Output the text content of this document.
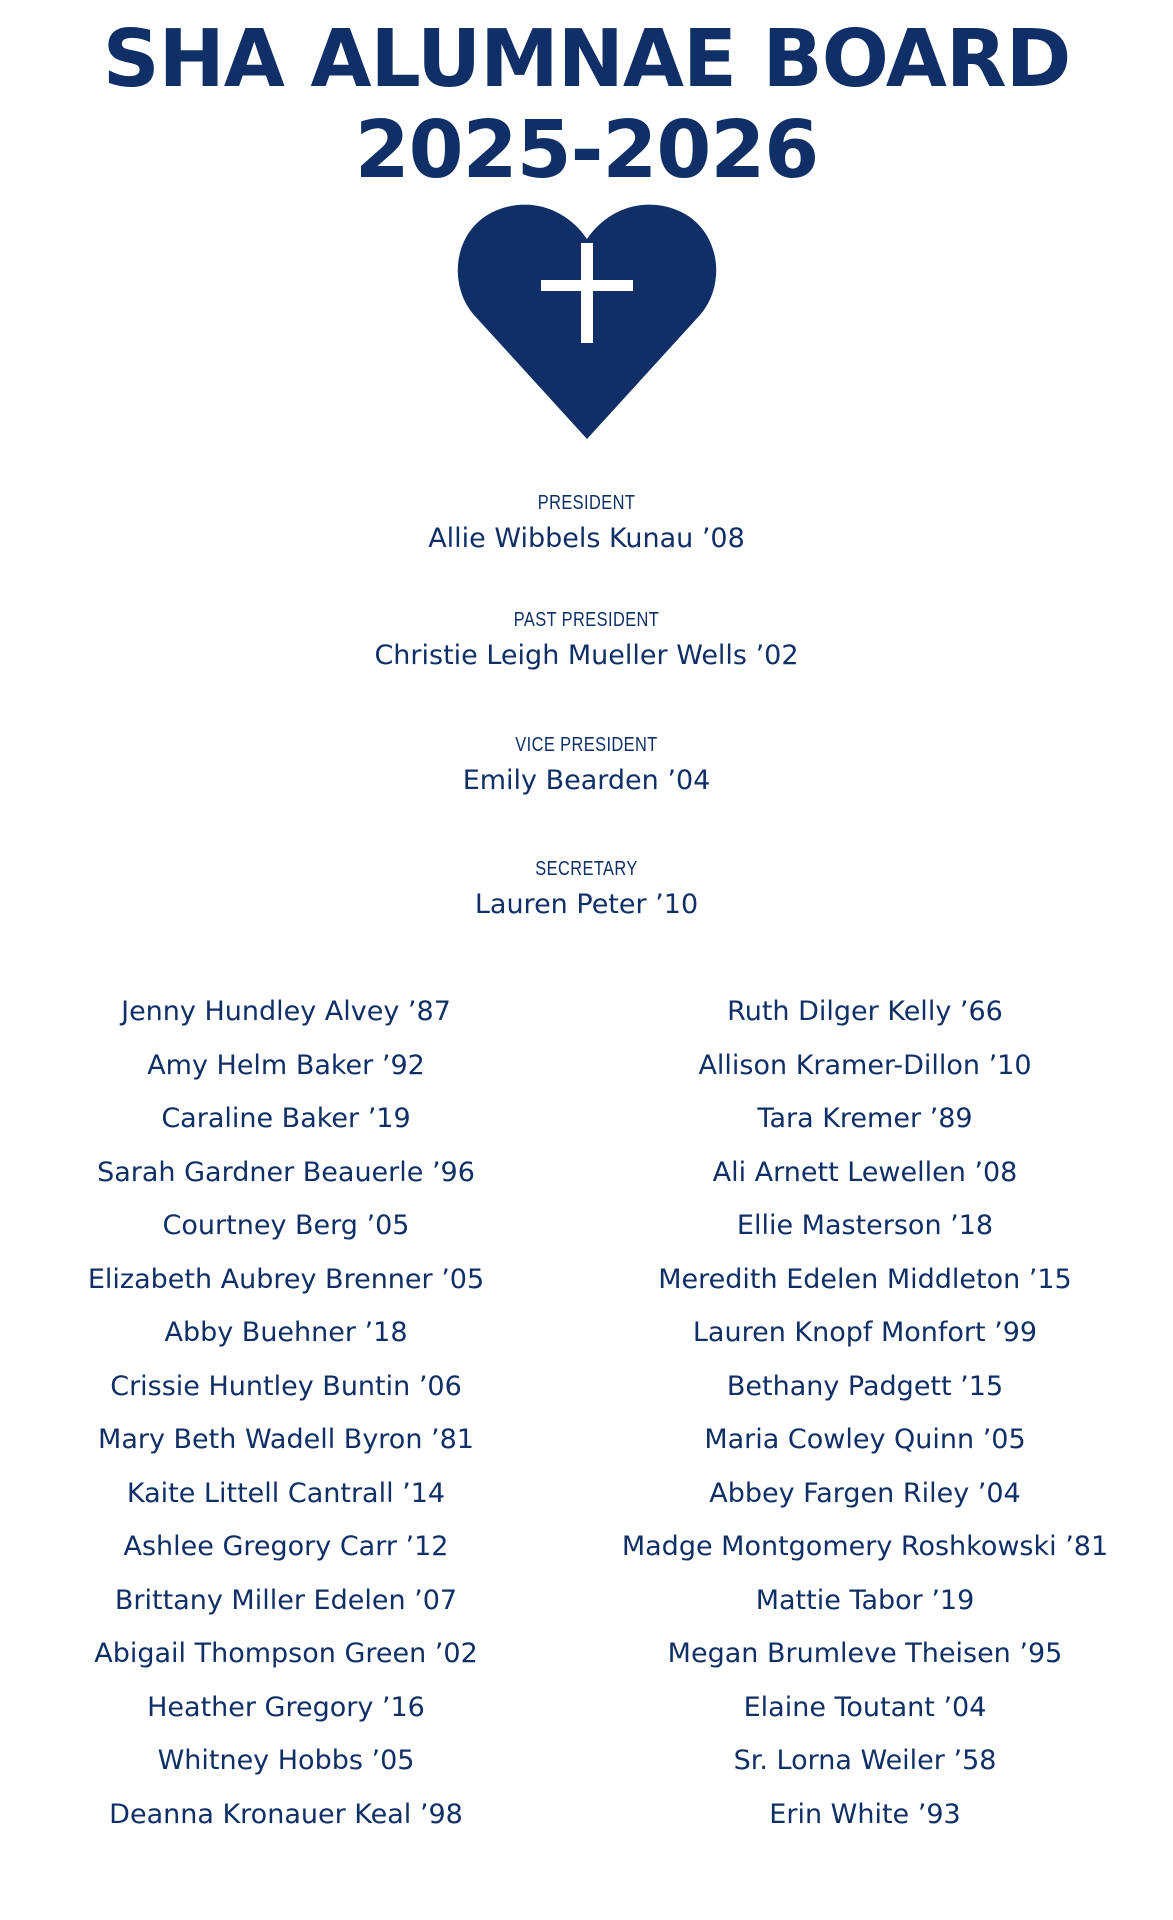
SHA ALUMNAE BOARD
2025-2026
PRESIDENT
Allie Wibbels Kunau ’08
PAST PRESIDENT
Christie Leigh Mueller Wells ’02
VICE PRESIDENT
Emily Bearden ’04
SECRETARY
Lauren Peter ’10
Jenny Hundley Alvey ’87
Amy Helm Baker ’92
Caraline Baker ’19
Sarah Gardner Beauerle ’96
Courtney Berg ’05
Elizabeth Aubrey Brenner ’05
Abby Buehner ’18
Crissie Huntley Buntin ’06
Mary Beth Wadell Byron ’81
Kaite Littell Cantrall ’14
Ashlee Gregory Carr ’12
Brittany Miller Edelen ’07
Abigail Thompson Green ’02
Heather Gregory ’16
Whitney Hobbs ’05
Deanna Kronauer Keal ’98
Ruth Dilger Kelly ’66
Allison Kramer-Dillon ’10
Tara Kremer ’89
Ali Arnett Lewellen ’08
Ellie Masterson ’18
Meredith Edelen Middleton ’15
Lauren Knopf Monfort ’99
Bethany Padgett ’15
Maria Cowley Quinn ’05
Abbey Fargen Riley ’04
Madge Montgomery Roshkowski ’81
Mattie Tabor ’19
Megan Brumleve Theisen ’95
Elaine Toutant ’04
Sr. Lorna Weiler ’58
Erin White ’93
